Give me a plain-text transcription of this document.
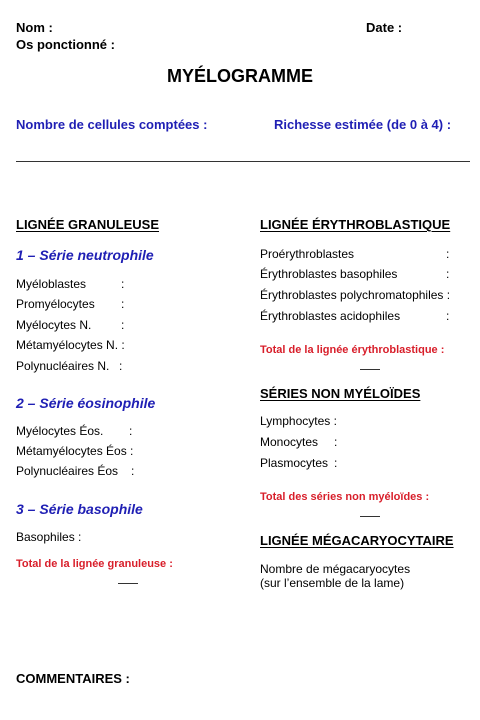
Nom :	Date :
Os ponctionné :
MYÉLOGRAMME
Nombre de cellules comptées :	Richesse estimée (de 0 à 4) :
LIGNÉE GRANULEUSE
1 – Série neutrophile
Myéloblastes	:
Promyélocytes :
Myélocytes N. :
Métamyélocytes N. :
Polynucléaires N. :
2 – Série éosinophile
Myélocytes Éos. :
Métamyélocytes Éos :
Polynucléaires Éos :
3 – Série basophile
Basophiles :
Total de la lignée granuleuse :
LIGNÉE ÉRYTHROBLASTIQUE
Proérythroblastes	:
Érythroblastes basophiles	:
Érythroblastes polychromatophiles :
Érythroblastes acidophiles	:
Total de la lignée érythroblastique :
SÉRIES NON MYÉLOÏDES
Lymphocytes :
Monocytes :
Plasmocytes :
Total des séries non myéloïdes :
LIGNÉE MÉGACARYOCYTAIRE
Nombre de mégacaryocytes
(sur l’ensemble de la lame)
COMMENTAIRES :
